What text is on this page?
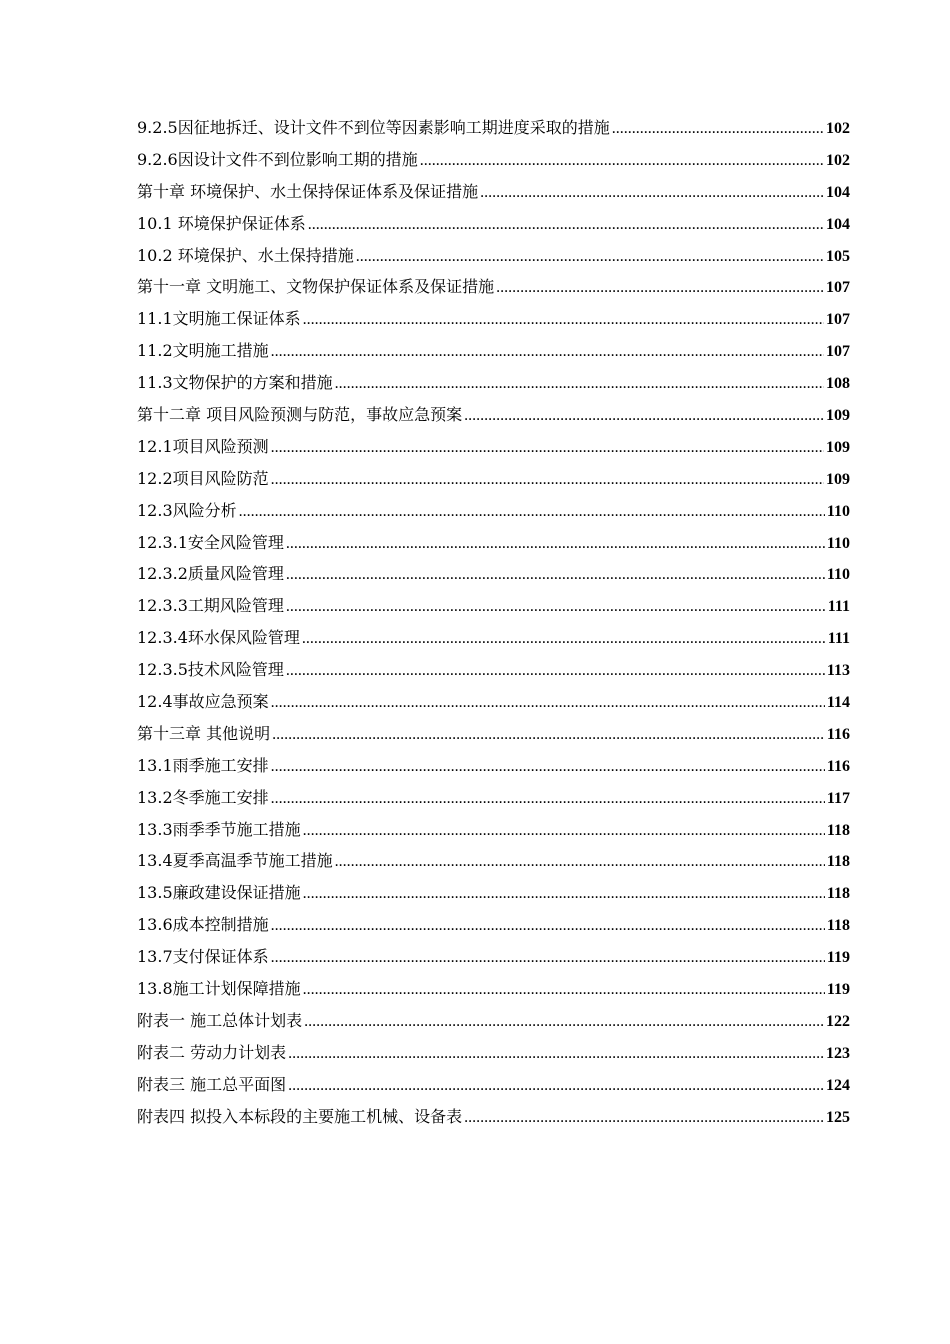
9.2.5因征地拆迁、设计文件不到位等因素影响工期进度采取的措施 .....	102
9.2.6因设计文件不到位影响工期的措施 .....	102
第十章 环境保护、水土保持保证体系及保证措施 .....	104
10.1 环境保护保证体系 .....	104
10.2 环境保护、水土保持措施 .....	105
第十一章 文明施工、文物保护保证体系及保证措施 .....	107
11.1文明施工保证体系 .....	107
11.2文明施工措施 .....	107
11.3文物保护的方案和措施 .....	108
第十二章 项目风险预测与防范，事故应急预案 .....	109
12.1项目风险预测 .....	109
12.2项目风险防范 .....	109
12.3风险分析 .....	110
12.3.1安全风险管理 .....	110
12.3.2质量风险管理 .....	110
12.3.3工期风险管理 .....	111
12.3.4环水保风险管理 .....	111
12.3.5技术风险管理 .....	113
12.4事故应急预案 .....	114
第十三章 其他说明 .....	116
13.1雨季施工安排 .....	116
13.2冬季施工安排 .....	117
13.3雨季季节施工措施 .....	118
13.4夏季高温季节施工措施 .....	118
13.5廉政建设保证措施 .....	118
13.6成本控制措施 .....	118
13.7支付保证体系 .....	119
13.8施工计划保障措施 .....	119
附表一 施工总体计划表 .....	122
附表二 劳动力计划表 .....	123
附表三 施工总平面图 .....	124
附表四 拟投入本标段的主要施工机械、设备表 .....	125
